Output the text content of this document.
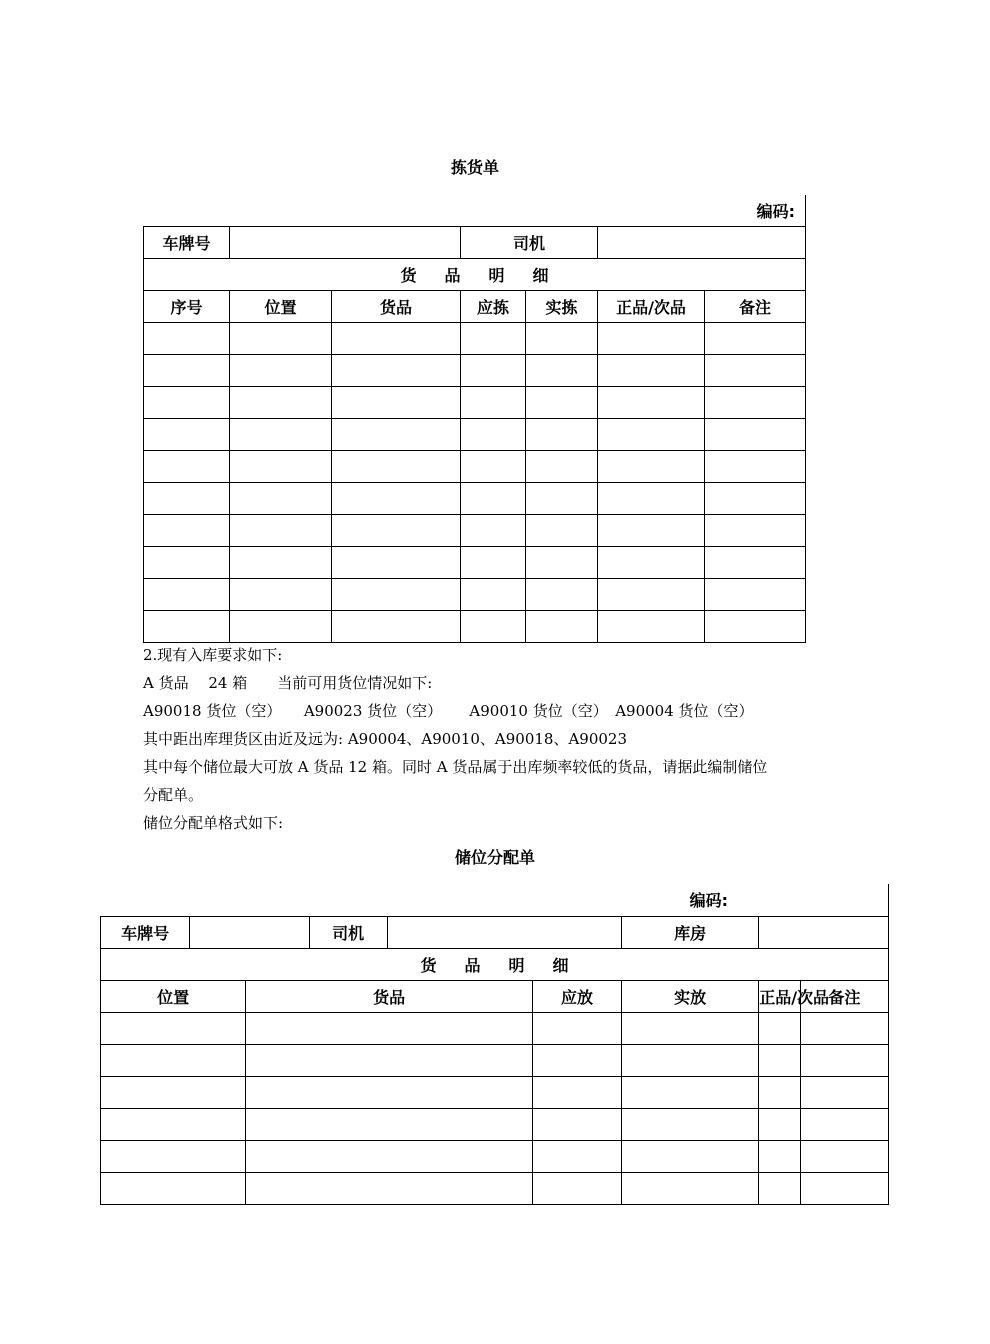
拣货单
编码:						
车牌号			司机			
货品明细						
序号	位置	货品	应拣	实拣	正品/次品	备注

2.现有入库要求如下:
A 货品　 24 箱　　当前可用货位情况如下:
A90018 货位（空）　　A90023 货位（空）　　 A90010 货位（空）　A90004 货位（空）
其中距出库理货区由近及远为: A90004、A90010、A90018、A90023
其中每个储位最大可放 A 货品 12 箱。同时 A 货品属于出库频率较低的货品，请据此编制储位
分配单。
储位分配单格式如下:
储位分配单
编码:								
车牌号			司机			库房		
货品明细								
位置		货品			应放	实放	正品/次品	备注
